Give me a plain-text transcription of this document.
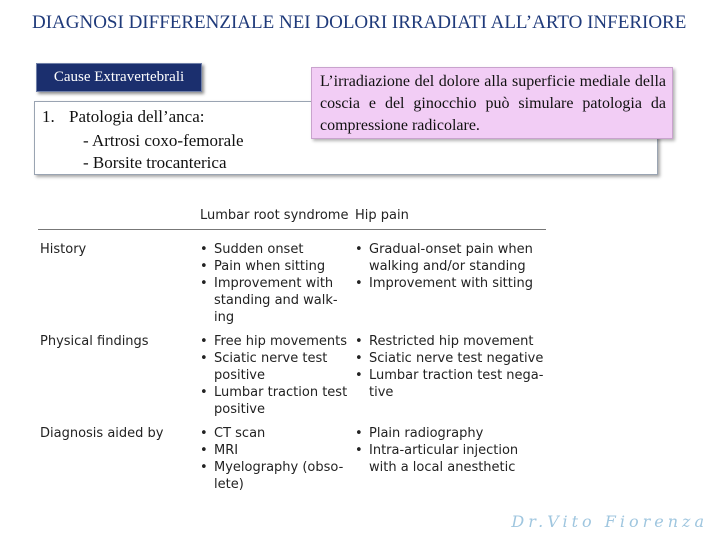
DIAGNOSI DIFFERENZIALE NEI DOLORI IRRADIATI ALL’ARTO INFERIORE
Cause Extravertebrali
1. Patologia dell’anca:
- Artrosi coxo-femorale
- Borsite trocanterica
L’irradiazione del dolore alla superficie mediale della coscia e del ginocchio può simulare patologia da compressione radicolare.
Lumbar root syndrome Hip pain
History
Physical findings
Diagnosis aided by
• Sudden onset
• Pain when sitting
• Improvement with
standing and walk-
ing
• Gradual-onset pain when
walking and/or standing
• Improvement with sitting
• Free hip movements
• Sciatic nerve test
positive
• Lumbar traction test
positive
• Restricted hip movement
• Sciatic nerve test negative
• Lumbar traction test nega-
tive
• CT scan
• MRI
• Myelography (obso-
lete)
• Plain radiography
• Intra-articular injection
with a local anesthetic
Dr.Vito Fiorenza
